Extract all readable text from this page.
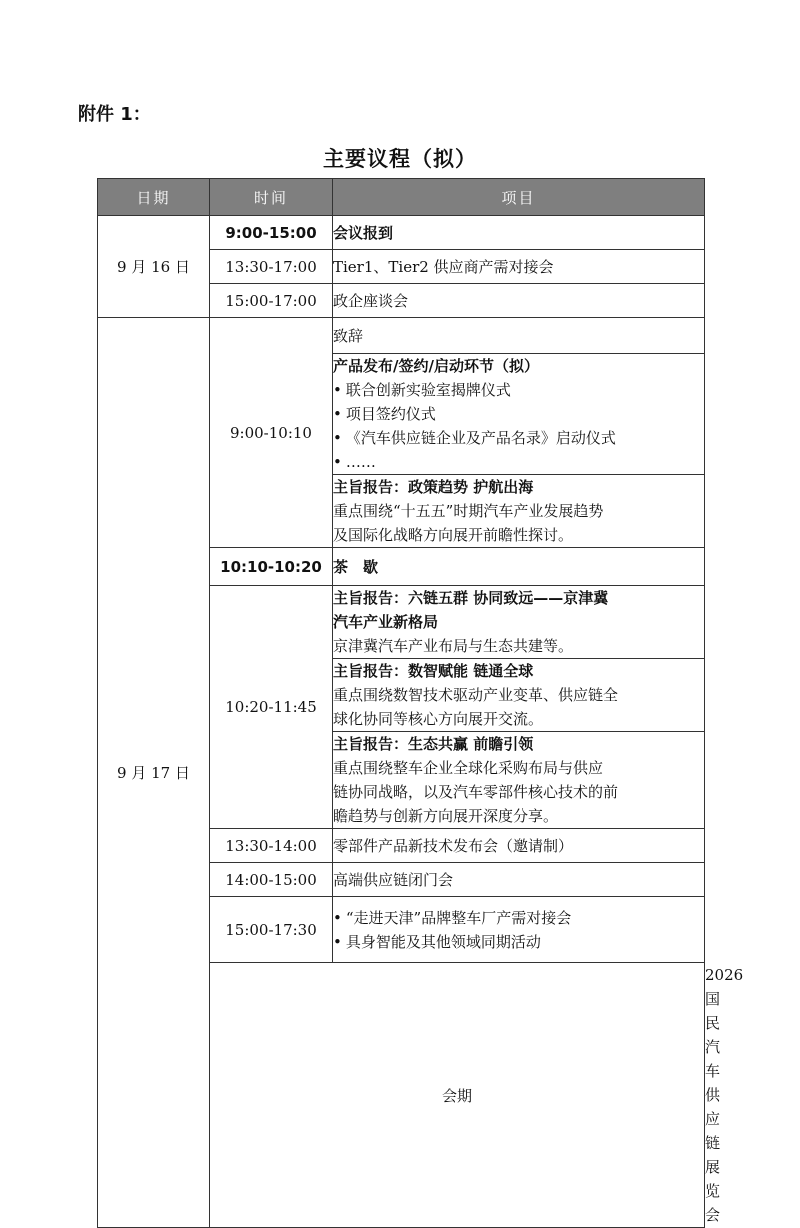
附件 1：
主要议程（拟）
日期	时间	项目	
9 月 16 日	9:00-15:00	会议报到	
	13:30-17:00	Tier1、Tier2 供应商产需对接会	
	15:00-17:00	政企座谈会	
9 月 17 日	9:00-10:10	致辞	

		产品发布/签约/启动环节（拟）
• 联合创新实验室揭牌仪式
• 项目签约仪式
• 《汽车供应链企业及产品名录》启动仪式
• ……

		主旨报告：政策趋势 护航出海
重点围绕“十五五”时期汽车产业发展趋势
及国际化战略方向展开前瞻性探讨。	

	10:10-10:20	茶　歇	
	10:20-11:45	主旨报告：六链五群 协同致远——京津冀
汽车产业新格局
京津冀汽车产业布局与生态共建等。	

		主旨报告：数智赋能 链通全球
重点围绕数智技术驱动产业变革、供应链全
球化协同等核心方向展开交流。	

		主旨报告：生态共赢 前瞻引领
重点围绕整车企业全球化采购布局与供应
链协同战略，以及汽车零部件核心技术的前
瞻趋势与创新方向展开深度分享。	

	13:30-14:00	零部件产品新技术发布会（邀请制）	
	14:00-15:00	高端供应链闭门会	
	15:00-17:30	• “走进天津”品牌整车厂产需对接会
• 具身智能及其他领域同期活动

	会期		2026 国民汽车供应链展览会
